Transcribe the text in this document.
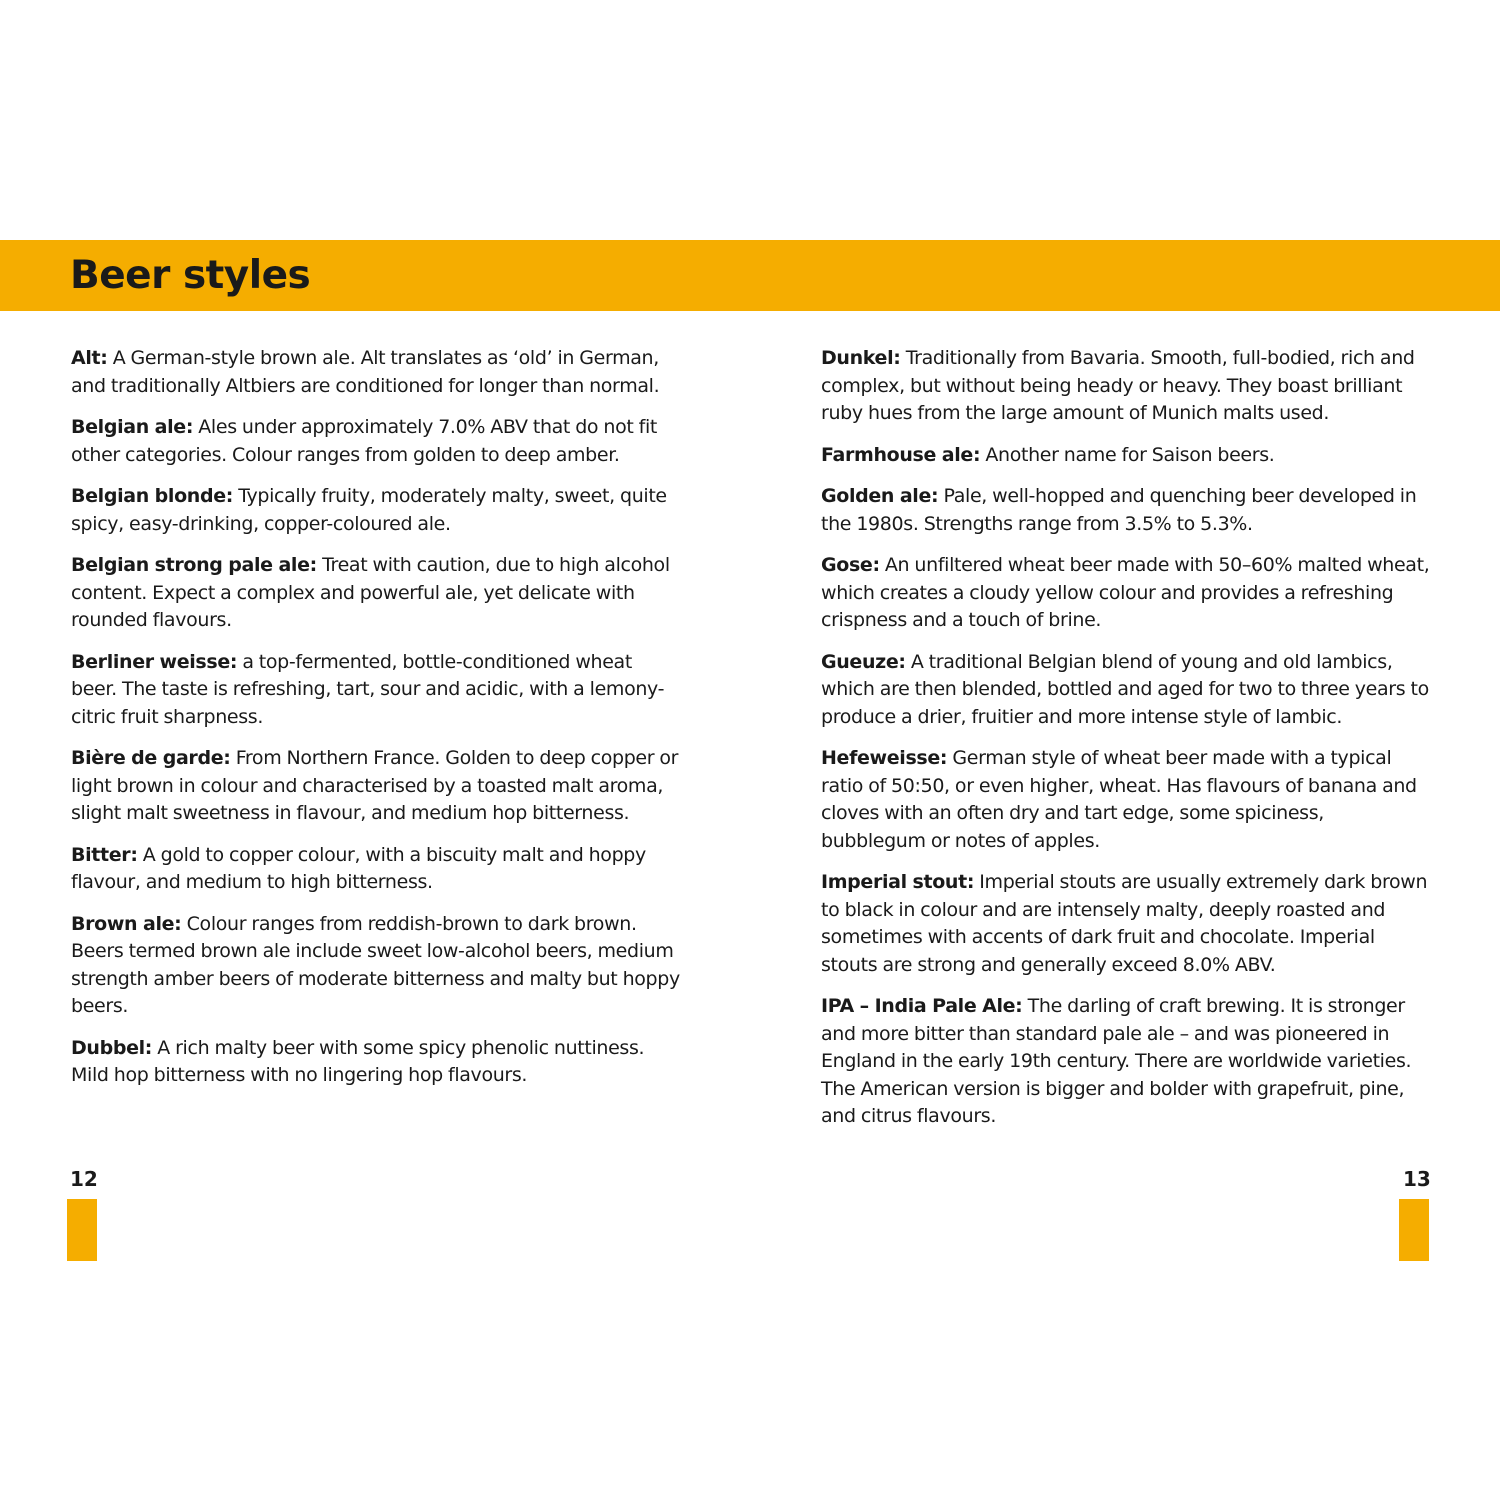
Beer styles

Alt: A German-style brown ale. Alt translates as ‘old’ in German, and traditionally Altbiers are conditioned for longer than normal.

Belgian ale: Ales under approximately 7.0% ABV that do not fit other categories. Colour ranges from golden to deep amber.

Belgian blonde: Typically fruity, moderately malty, sweet, quite spicy, easy-drinking, copper-coloured ale.

Belgian strong pale ale: Treat with caution, due to high alcohol content. Expect a complex and powerful ale, yet delicate with rounded flavours.

Berliner weisse: a top-fermented, bottle-conditioned wheat beer. The taste is refreshing, tart, sour and acidic, with a lemony-citric fruit sharpness.

Bière de garde: From Northern France. Golden to deep copper or light brown in colour and characterised by a toasted malt aroma, slight malt sweetness in flavour, and medium hop bitterness.

Bitter: A gold to copper colour, with a biscuity malt and hoppy flavour, and medium to high bitterness.

Brown ale: Colour ranges from reddish-brown to dark brown. Beers termed brown ale include sweet low-alcohol beers, medium strength amber beers of moderate bitterness and malty but hoppy beers.

Dubbel: A rich malty beer with some spicy phenolic nuttiness. Mild hop bitterness with no lingering hop flavours.

Dunkel: Traditionally from Bavaria. Smooth, full-bodied, rich and complex, but without being heady or heavy. They boast brilliant ruby hues from the large amount of Munich malts used.

Farmhouse ale: Another name for Saison beers.

Golden ale: Pale, well-hopped and quenching beer developed in the 1980s. Strengths range from 3.5% to 5.3%.

Gose: An unfiltered wheat beer made with 50–60% malted wheat, which creates a cloudy yellow colour and provides a refreshing crispness and a touch of brine.

Gueuze: A traditional Belgian blend of young and old lambics, which are then blended, bottled and aged for two to three years to produce a drier, fruitier and more intense style of lambic.

Hefeweisse: German style of wheat beer made with a typical ratio of 50:50, or even higher, wheat. Has flavours of banana and cloves with an often dry and tart edge, some spiciness, bubblegum or notes of apples.

Imperial stout: Imperial stouts are usually extremely dark brown to black in colour and are intensely malty, deeply roasted and sometimes with accents of dark fruit and chocolate. Imperial stouts are strong and generally exceed 8.0% ABV.

IPA – India Pale Ale: The darling of craft brewing. It is stronger and more bitter than standard pale ale – and was pioneered in England in the early 19th century. There are worldwide varieties. The American version is bigger and bolder with grapefruit, pine, and citrus flavours.

12	13
